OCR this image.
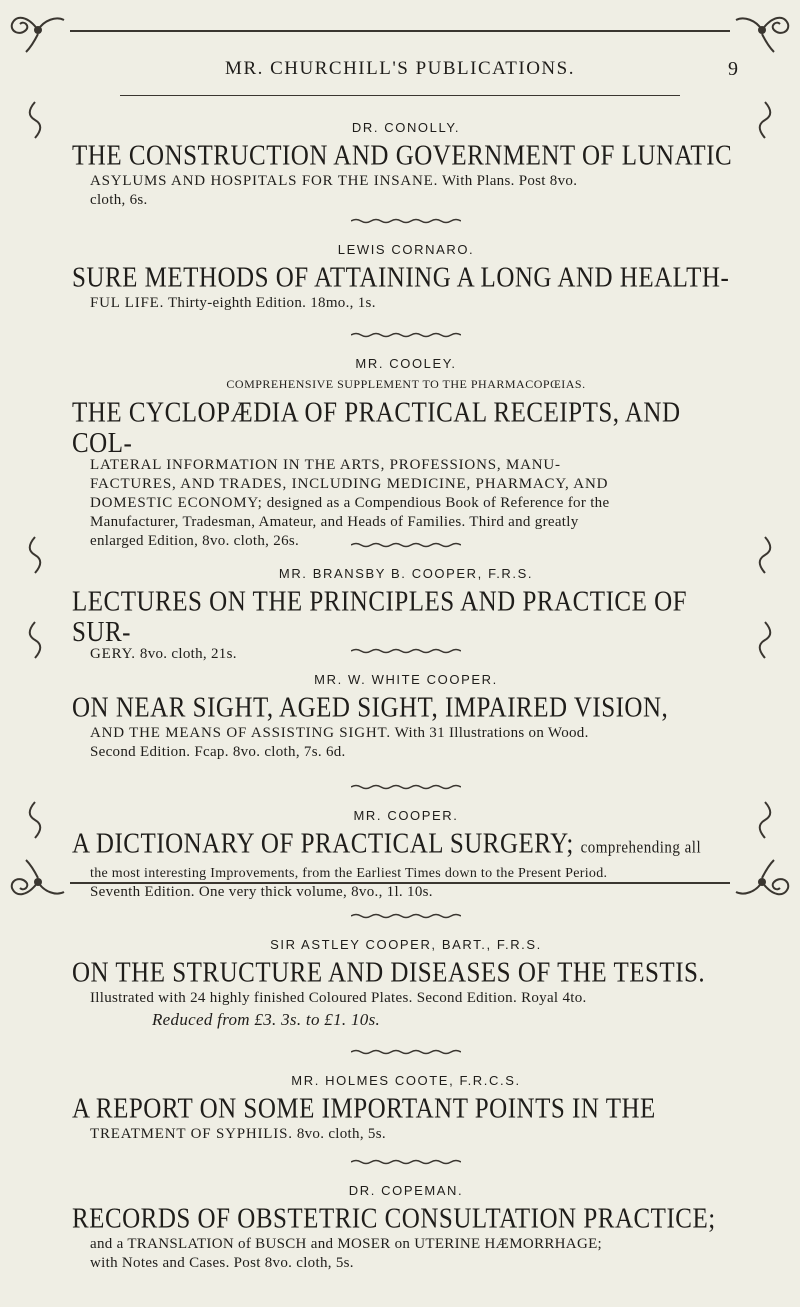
MR. CHURCHILL'S PUBLICATIONS.	9

DR. CONOLLY.

THE CONSTRUCTION AND GOVERNMENT OF LUNATIC

ASYLUMS AND HOSPITALS FOR THE INSANE. With Plans. Post 8vo.

cloth, 6s.

LEWIS CORNARO.

SURE METHODS OF ATTAINING A LONG AND HEALTH-

FUL LIFE. Thirty-eighth Edition. 18mo., 1s.

MR. COOLEY.

COMPREHENSIVE SUPPLEMENT TO THE PHARMACOPŒIAS.

THE CYCLOPÆDIA OF PRACTICAL RECEIPTS, AND COL-

LATERAL INFORMATION IN THE ARTS, PROFESSIONS, MANU-

FACTURES, AND TRADES, INCLUDING MEDICINE, PHARMACY, AND

DOMESTIC ECONOMY; designed as a Compendious Book of Reference for the

Manufacturer, Tradesman, Amateur, and Heads of Families. Third and greatly

enlarged Edition, 8vo. cloth, 26s.

MR. BRANSBY B. COOPER, F.R.S.

LECTURES ON THE PRINCIPLES AND PRACTICE OF SUR-

GERY. 8vo. cloth, 21s.

MR. W. WHITE COOPER.

ON NEAR SIGHT, AGED SIGHT, IMPAIRED VISION,

AND THE MEANS OF ASSISTING SIGHT. With 31 Illustrations on Wood.

Second Edition. Fcap. 8vo. cloth, 7s. 6d.

MR. COOPER.

A DICTIONARY OF PRACTICAL SURGERY; comprehending all

the most interesting Improvements, from the Earliest Times down to the Present Period.

Seventh Edition. One very thick volume, 8vo., 1l. 10s.

SIR ASTLEY COOPER, BART., F.R.S.

ON THE STRUCTURE AND DISEASES OF THE TESTIS.

Illustrated with 24 highly finished Coloured Plates. Second Edition. Royal 4to.

Reduced from £3. 3s. to £1. 10s.

MR. HOLMES COOTE, F.R.C.S.

A REPORT ON SOME IMPORTANT POINTS IN THE

TREATMENT OF SYPHILIS. 8vo. cloth, 5s.

DR. COPEMAN.

RECORDS OF OBSTETRIC CONSULTATION PRACTICE;

and a TRANSLATION of BUSCH and MOSER on UTERINE HÆMORRHAGE;

with Notes and Cases. Post 8vo. cloth, 5s.
